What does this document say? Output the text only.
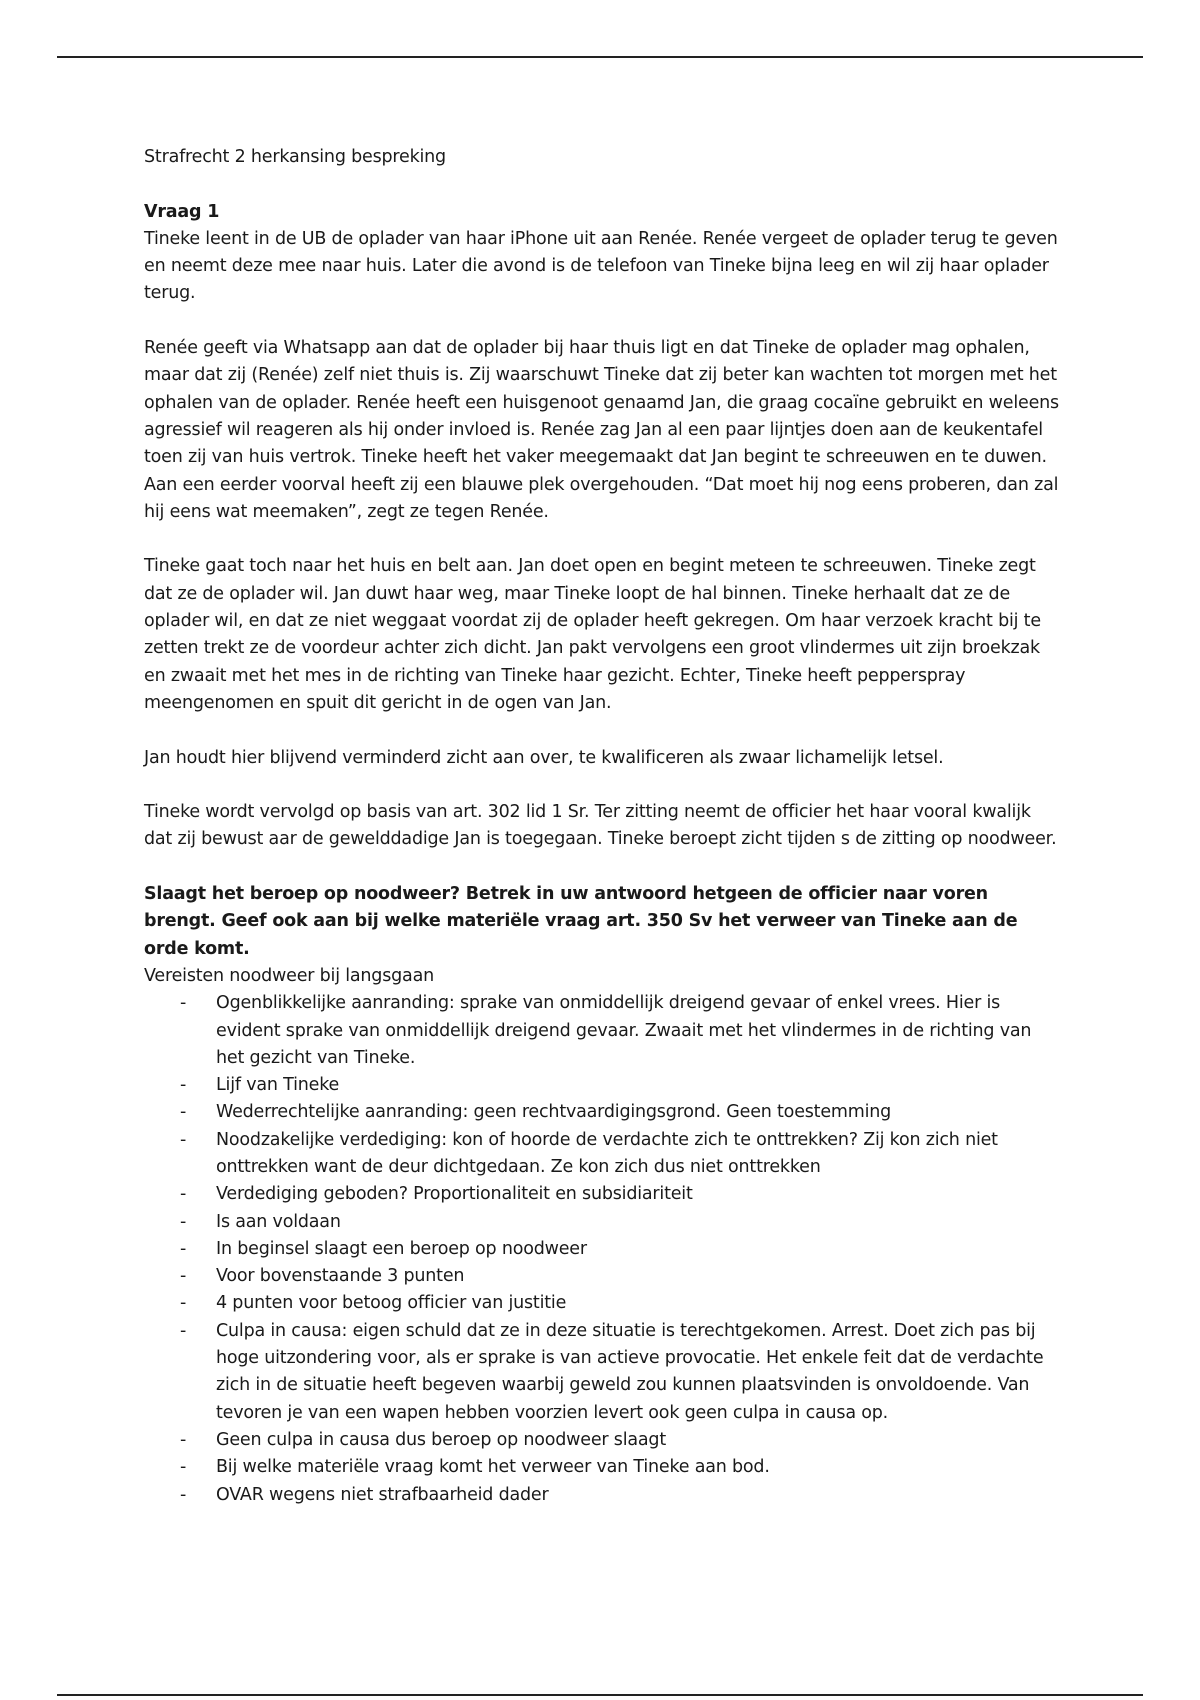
Strafrecht 2 herkansing bespreking

Vraag 1

Tineke leent in de UB de oplader van haar iPhone uit aan Renée. Renée vergeet de oplader terug te geven en neemt deze mee naar huis. Later die avond is de telefoon van Tineke bijna leeg en wil zij haar oplader terug.

Renée geeft via Whatsapp aan dat de oplader bij haar thuis ligt en dat Tineke de oplader mag ophalen, maar dat zij (Renée) zelf niet thuis is. Zij waarschuwt Tineke dat zij beter kan wachten tot morgen met het ophalen van de oplader. Renée heeft een huisgenoot genaamd Jan, die graag cocaïne gebruikt en weleens agressief wil reageren als hij onder invloed is. Renée zag Jan al een paar lijntjes doen aan de keukentafel toen zij van huis vertrok. Tineke heeft het vaker meegemaakt dat Jan begint te schreeuwen en te duwen. Aan een eerder voorval heeft zij een blauwe plek overgehouden. “Dat moet hij nog eens proberen, dan zal hij eens wat meemaken”, zegt ze tegen Renée.

Tineke gaat toch naar het huis en belt aan. Jan doet open en begint meteen te schreeuwen. Tineke zegt dat ze de oplader wil. Jan duwt haar weg, maar Tineke loopt de hal binnen. Tineke herhaalt dat ze de oplader wil, en dat ze niet weggaat voordat zij de oplader heeft gekregen. Om haar verzoek kracht bij te zetten trekt ze de voordeur achter zich dicht. Jan pakt vervolgens een groot vlindermes uit zijn broekzak en zwaait met het mes in de richting van Tineke haar gezicht. Echter, Tineke heeft pepperspray meengenomen en spuit dit gericht in de ogen van Jan.

Jan houdt hier blijvend verminderd zicht aan over, te kwalificeren als zwaar lichamelijk letsel.

Tineke wordt vervolgd op basis van art. 302 lid 1 Sr. Ter zitting neemt de officier het haar vooral kwalijk dat zij bewust aar de gewelddadige Jan is toegegaan. Tineke beroept zicht tijden s de zitting op noodweer.

Slaagt het beroep op noodweer? Betrek in uw antwoord hetgeen de officier naar voren brengt. Geef ook aan bij welke materiële vraag art. 350 Sv het verweer van Tineke aan de orde komt.

Vereisten noodweer bij langsgaan

- Ogenblikkelijke aanranding: sprake van onmiddellijk dreigend gevaar of enkel vrees. Hier is evident sprake van onmiddellijk dreigend gevaar. Zwaait met het vlindermes in de richting van het gezicht van Tineke.
- Lijf van Tineke
- Wederrechtelijke aanranding: geen rechtvaardigingsgrond. Geen toestemming
- Noodzakelijke verdediging: kon of hoorde de verdachte zich te onttrekken? Zij kon zich niet onttrekken want de deur dichtgedaan. Ze kon zich dus niet onttrekken
- Verdediging geboden? Proportionaliteit en subsidiariteit
- Is aan voldaan
- In beginsel slaagt een beroep op noodweer
- Voor bovenstaande 3 punten
- 4 punten voor betoog officier van justitie
- Culpa in causa: eigen schuld dat ze in deze situatie is terechtgekomen. Arrest. Doet zich pas bij hoge uitzondering voor, als er sprake is van actieve provocatie. Het enkele feit dat de verdachte zich in de situatie heeft begeven waarbij geweld zou kunnen plaatsvinden is onvoldoende. Van tevoren je van een wapen hebben voorzien levert ook geen culpa in causa op.
- Geen culpa in causa dus beroep op noodweer slaagt
- Bij welke materiële vraag komt het verweer van Tineke aan bod.
- OVAR wegens niet strafbaarheid dader
